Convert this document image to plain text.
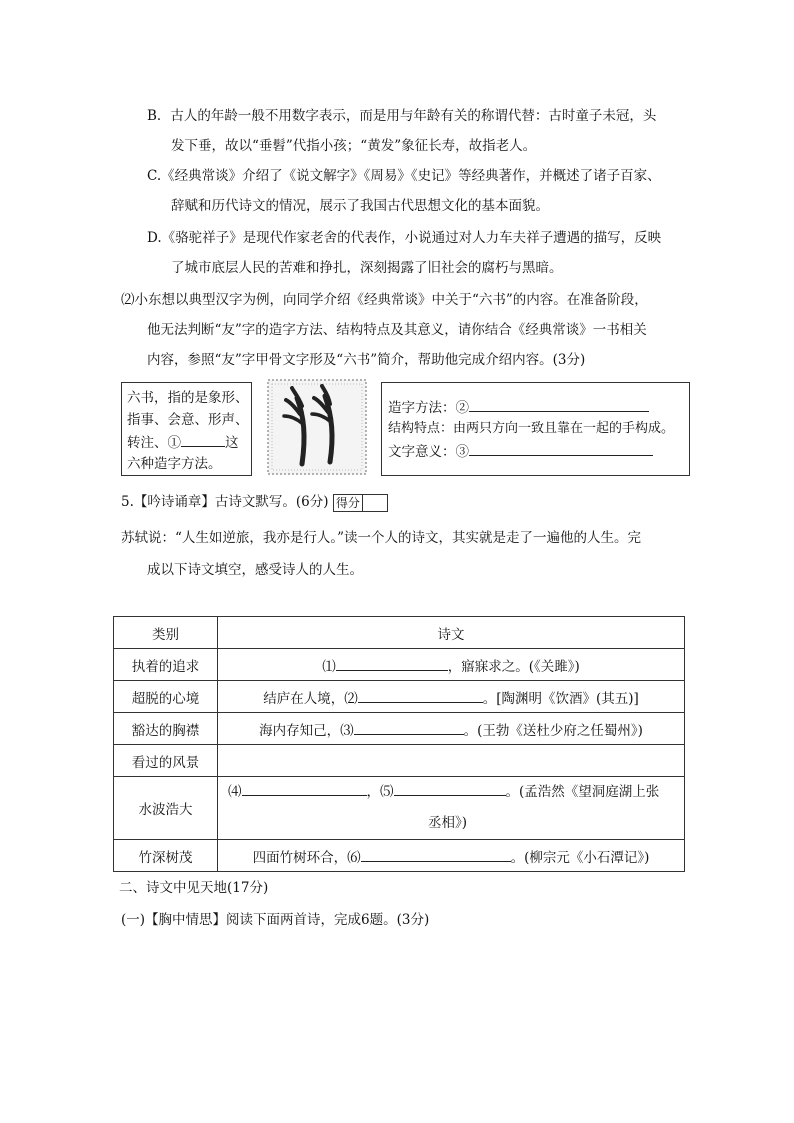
B．古人的年龄一般不用数字表示，而是用与年龄有关的称谓代替：古时童子未冠，头
发下垂，故以“垂髫”代指小孩；“黄发”象征长寿，故指老人。
C.《经典常谈》介绍了《说文解字》《周易》《史记》等经典著作，并概述了诸子百家、
辞赋和历代诗文的情况，展示了我国古代思想文化的基本面貌。
D.《骆驼祥子》是现代作家老舍的代表作，小说通过对人力车夫祥子遭遇的描写，反映
了城市底层人民的苦难和挣扎，深刻揭露了旧社会的腐朽与黑暗。
⑵小东想以典型汉字为例，向同学介绍《经典常谈》中关于“六书”的内容。在准备阶段，
他无法判断“友”字的造字方法、结构特点及其意义，请你结合《经典常谈》一书相关
内容，参照“友”字甲骨文字形及“六书”简介，帮助他完成介绍内容。(3分)
六书，指的是象形、
指事、会意、形声、
转注、①	这
六种造字方法。
造字方法：②
结构特点：由两只方向一致且靠在一起的手构成。
文字意义：③
5.【吟诗诵章】古诗文默写。(6分) 得分
苏轼说：“人生如逆旅，我亦是行人。”读一个人的诗文，其实就是走了一遍他的人生。完
成以下诗文填空，感受诗人的人生。
类别	诗文
执着的追求	⑴ ，寤寐求之。(《关雎》)
超脱的心境	结庐在人境，⑵ 。[陶渊明《饮酒》(其五)]
豁达的胸襟	海内存知己，⑶ 。(王勃《送杜少府之任蜀州》)
看过的风景	
水波浩大	⑷ ，⑸ 。(孟浩然《望洞庭湖上张
丞相》)

竹深树茂	四面竹树环合，⑹ 。(柳宗元《小石潭记》)
二、诗文中见天地(17分)
(一)【胸中情思】阅读下面两首诗，完成6题。(3分)
